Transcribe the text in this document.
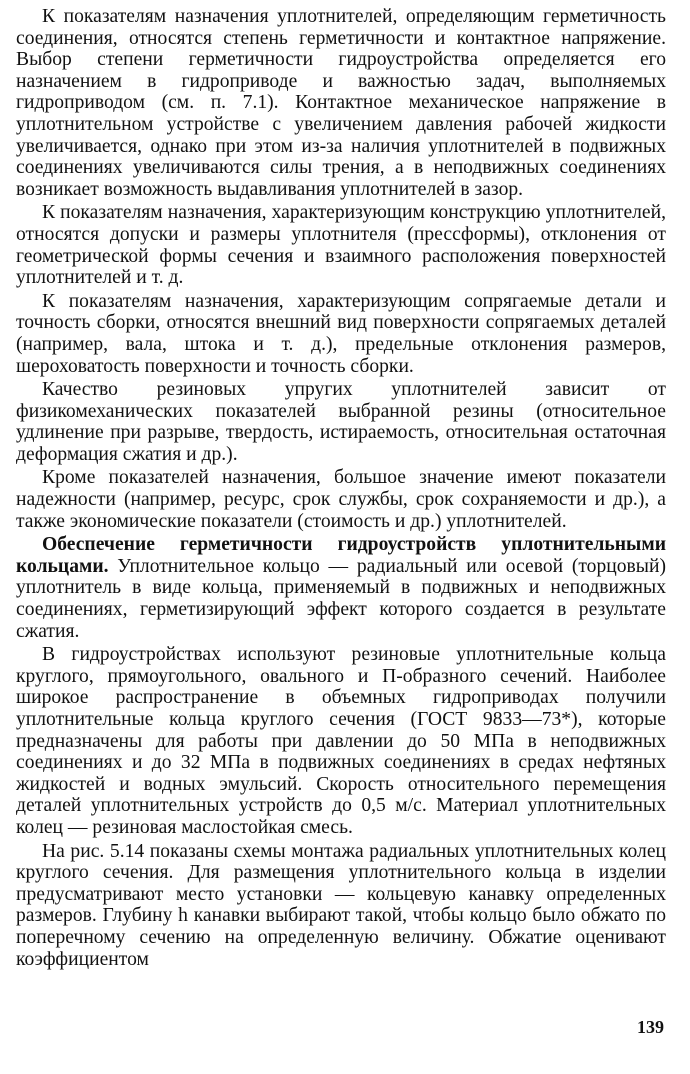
К показателям назначения уплотнителей, определяющим герметичность соединения, относятся степень герметичности и контактное напряжение. Выбор степени герметичности гидроустройства определяется его назначением в гидроприводе и важностью задач, выполняемых гидроприводом (см. п. 7.1). Контактное механическое напряжение в уплотнительном устройстве с увеличением давления рабочей жидкости увеличивается, однако при этом из-за наличия уплотнителей в подвижных соединениях увеличиваются силы трения, а в неподвижных соединениях возникает возможность выдавливания уплотнителей в зазор.

К показателям назначения, характеризующим конструкцию уплотнителей, относятся допуски и размеры уплотнителя (прессформы), отклонения от геометрической формы сечения и взаимного расположения поверхностей уплотнителей и т. д.

К показателям назначения, характеризующим сопрягаемые детали и точность сборки, относятся внешний вид поверхности сопрягаемых деталей (например, вала, штока и т. д.), предельные отклонения размеров, шероховатость поверхности и точность сборки.

Качество резиновых упругих уплотнителей зависит от физикомеханических показателей выбранной резины (относительное удлинение при разрыве, твердость, истираемость, относительная остаточная деформация сжатия и др.).

Кроме показателей назначения, большое значение имеют показатели надежности (например, ресурс, срок службы, срок сохраняемости и др.), а также экономические показатели (стоимость и др.) уплотнителей.

Обеспечение герметичности гидроустройств уплотнительными кольцами. Уплотнительное кольцо — радиальный или осевой (торцовый) уплотнитель в виде кольца, применяемый в подвижных и неподвижных соединениях, герметизирующий эффект которого создается в результате сжатия.

В гидроустройствах используют резиновые уплотнительные кольца круглого, прямоугольного, овального и П-образного сечений. Наиболее широкое распространение в объемных гидроприводах получили уплотнительные кольца круглого сечения (ГОСТ 9833—73*), которые предназначены для работы при давлении до 50 МПа в неподвижных соединениях и до 32 МПа в подвижных соединениях в средах нефтяных жидкостей и водных эмульсий. Скорость относительного перемещения деталей уплотнительных устройств до 0,5 м/с. Материал уплотнительных колец — резиновая маслостойкая смесь.

На рис. 5.14 показаны схемы монтажа радиальных уплотнительных колец круглого сечения. Для размещения уплотнительного кольца в изделии предусматривают место установки — кольцевую канавку определенных размеров. Глубину h канавки выбирают такой, чтобы кольцо было обжато по поперечному сечению на определенную величину. Обжатие оценивают коэффициентом

139
